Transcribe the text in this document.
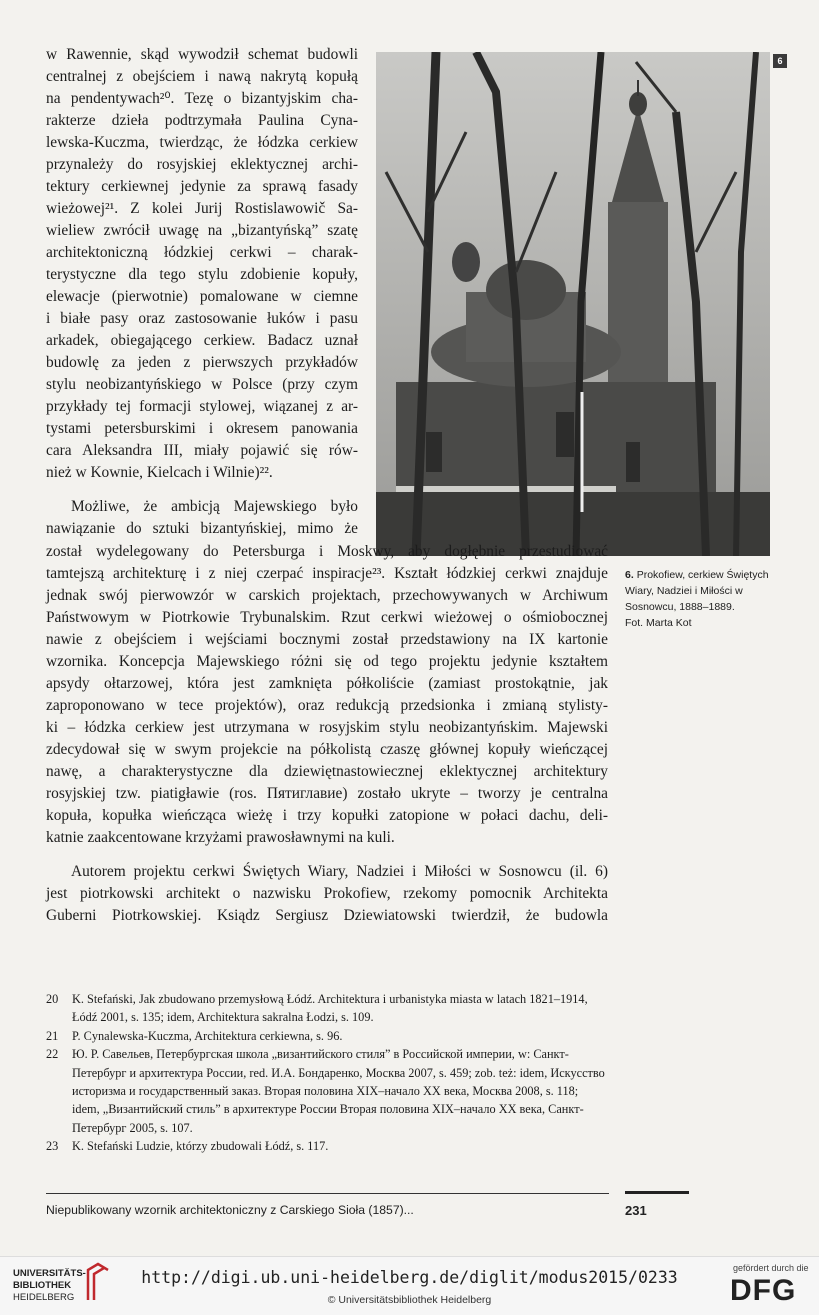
6
6. Prokofiew, cerkiew Świętych Wiary, Nadziei i Miłości w Sosnowcu, 1888–1889.
Fot. Marta Kot
w Rawennie, skąd wywodził schemat budowli
centralnej z obejściem i nawą nakrytą kopułą
na pendentywach²⁰. Tezę o bizantyjskim cha-
rakterze dzieła podtrzymała Paulina Cyna-
lewska-Kuczma, twierdząc, że łódzka cerkiew
przynależy do rosyjskiej eklektycznej archi-
tektury cerkiewnej jedynie za sprawą fasady
wieżowej²¹. Z kolei Jurij Rostislawowič Sa-
wieliew zwrócił uwagę na „bizantyńską” szatę
architektoniczną łódzkiej cerkwi – charak-
terystyczne dla tego stylu zdobienie kopuły,
elewacje (pierwotnie) pomalowane w ciemne
i białe pasy oraz zastosowanie łuków i pasu
arkadek, obiegającego cerkiew. Badacz uznał
budowlę za jeden z pierwszych przykładów
stylu neobizantyńskiego w Polsce (przy czym
przykłady tej formacji stylowej, wiązanej z ar-
tystami petersburskimi i okresem panowania
cara Aleksandra III, miały pojawić się rów-
nież w Kownie, Kielcach i Wilnie)²².
Możliwe, że ambicją Majewskiego było
nawiązanie do sztuki bizantyńskiej, mimo że
został wydelegowany do Petersburga i Moskwy, aby dogłębnie przestudiować
tamtejszą architekturę i z niej czerpać inspiracje²³. Kształt łódzkiej cerkwi znajduje
jednak swój pierwowzór w carskich projektach, przechowywanych w Archiwum
Państwowym w Piotrkowie Trybunalskim. Rzut cerkwi wieżowej o ośmiobocznej
nawie z obejściem i wejściami bocznymi został przedstawiony na IX kartonie
wzornika. Koncepcja Majewskiego różni się od tego projektu jedynie kształtem
apsydy ołtarzowej, która jest zamknięta półkoliście (zamiast prostokątnie, jak
zaproponowano w tece projektów), oraz redukcją przedsionka i zmianą stylisty-
ki – łódzka cerkiew jest utrzymana w rosyjskim stylu neobizantyńskim. Majewski
zdecydował się w swym projekcie na półkolistą czaszę głównej kopuły wieńczącej
nawę, a charakterystyczne dla dziewiętnastowiecznej eklektycznej architektury
rosyjskiej tzw. piatigławie (ros. Пятиглавие) zostało ukryte – tworzy je centralna
kopuła, kopułka wieńcząca wieżę i trzy kopułki zatopione w połaci dachu, deli-
katnie zaakcentowane krzyżami prawosławnymi na kuli.
Autorem projektu cerkwi Świętych Wiary, Nadziei i Miłości w Sosnowcu (il. 6)
jest piotrkowski architekt o nazwisku Prokofiew, rzekomy pomocnik Architekta
Guberni Piotrkowskiej. Ksiądz Sergiusz Dziewiatowski twierdził, że budowla
20 K. Stefański, Jak zbudowano przemysłową Łódź. Architektura i urbanistyka miasta w latach 1821–1914, Łódź 2001, s. 135; idem, Architektura sakralna Łodzi, s. 109.
21 P. Cynalewska-Kuczma, Architektura cerkiewna, s. 96.
22 Ю. Р. Савельев, Петербургская школа „византийского стиля” в Российской империи, w: Санкт-Петербург и архитектура России, red. И.А. Бондаренко, Москва 2007, s. 459; zob. też: idem, Искусство историзма и государственный заказ. Вторая половина XIX–начало XX века, Москва 2008, s. 118; idem, „Византийский стиль” в архитектуре России Вторая половина XIX–начало XX века, Санкт-Петербург 2005, s. 107.
23 K. Stefański Ludzie, którzy zbudowali Łódź, s. 117.
Niepublikowany wzornik architektoniczny z Carskiego Sioła (1857)...	231
UNIVERSITÄTS- BIBLIOTHEK
HEIDELBERG
http://digi.ub.uni-heidelberg.de/diglit/modus2015/0233
© Universitätsbibliothek Heidelberg
gefördert durch die
DFG
